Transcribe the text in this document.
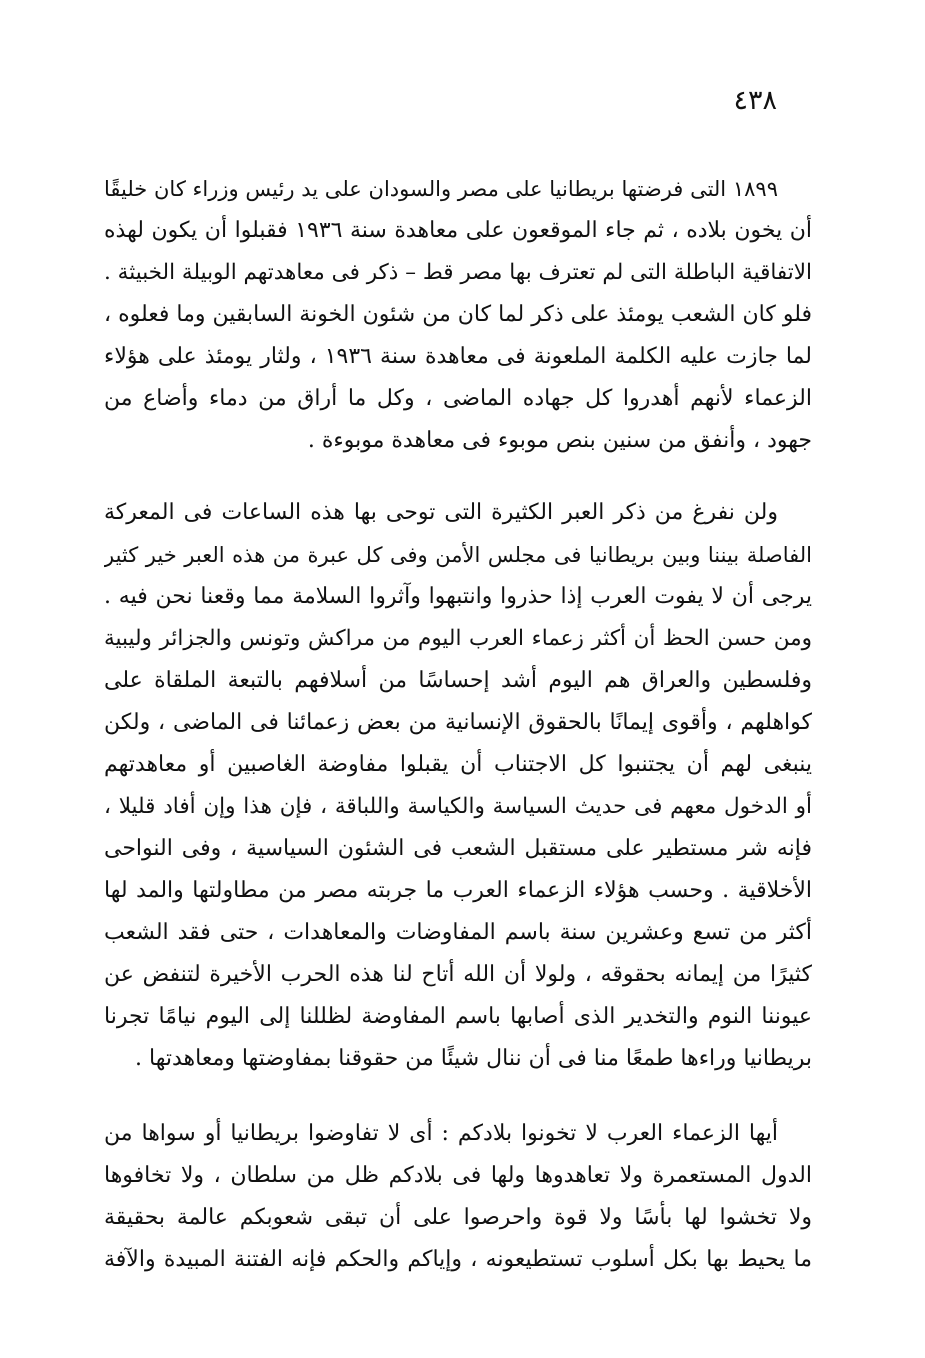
٤٣٨
١٨٩٩ التى فرضتها بريطانيا على مصر والسودان على يد رئيس وزراء كان خليقًا
أن يخون بلاده ، ثم جاء الموقعون على معاهدة سنة ١٩٣٦ فقبلوا أن يكون لهذه
الاتفاقية الباطلة التى لم تعترف بها مصر قط – ذكر فى معاهدتهم الوبيلة الخبيثة .
فلو كان الشعب يومئذ على ذكر لما كان من شئون الخونة السابقين وما فعلوه ،
لما جازت عليه الكلمة الملعونة فى معاهدة سنة ١٩٣٦ ، ولثار يومئذ على هؤلاء
الزعماء لأنهم أهدروا كل جهاده الماضى ، وكل ما أراق من دماء وأضاع من
جهود ، وأنفق من سنين بنص موبوء فى معاهدة موبوءة .
ولن نفرغ من ذكر العبر الكثيرة التى توحى بها هذه الساعات فى المعركة
الفاصلة بيننا وبين بريطانيا فى مجلس الأمن وفى كل عبرة من هذه العبر خير كثير
يرجى أن لا يفوت العرب إذا حذروا وانتبهوا وآثروا السلامة مما وقعنا نحن فيه .
ومن حسن الحظ أن أكثر زعماء العرب اليوم من مراكش وتونس والجزائر وليبية
وفلسطين والعراق هم اليوم أشد إحساسًا من أسلافهم بالتبعة الملقاة على
كواهلهم ، وأقوى إيمانًا بالحقوق الإنسانية من بعض زعمائنا فى الماضى ، ولكن
ينبغى لهم أن يجتنبوا كل الاجتناب أن يقبلوا مفاوضة الغاصبين أو معاهدتهم
أو الدخول معهم فى حديث السياسة والكياسة واللباقة ، فإن هذا وإن أفاد قليلا ،
فإنه شر مستطير على مستقبل الشعب فى الشئون السياسية ، وفى النواحى
الأخلاقية . وحسب هؤلاء الزعماء العرب ما جربته مصر من مطاولتها والمد لها
أكثر من تسع وعشرين سنة باسم المفاوضات والمعاهدات ، حتى فقد الشعب
كثيرًا من إيمانه بحقوقه ، ولولا أن الله أتاح لنا هذه الحرب الأخيرة لتنفض عن
عيوننا النوم والتخدير الذى أصابها باسم المفاوضة لظللنا إلى اليوم نيامًا تجرنا
بريطانيا وراءها طمعًا منا فى أن ننال شيئًا من حقوقنا بمفاوضتها ومعاهدتها .
أيها الزعماء العرب لا تخونوا بلادكم : أى لا تفاوضوا بريطانيا أو سواها من
الدول المستعمرة ولا تعاهدوها ولها فى بلادكم ظل من سلطان ، ولا تخافوها
ولا تخشوا لها بأسًا ولا قوة واحرصوا على أن تبقى شعوبكم عالمة بحقيقة
ما يحيط بها بكل أسلوب تستطيعونه ، وإياكم والحكم فإنه الفتنة المبيدة والآفة
